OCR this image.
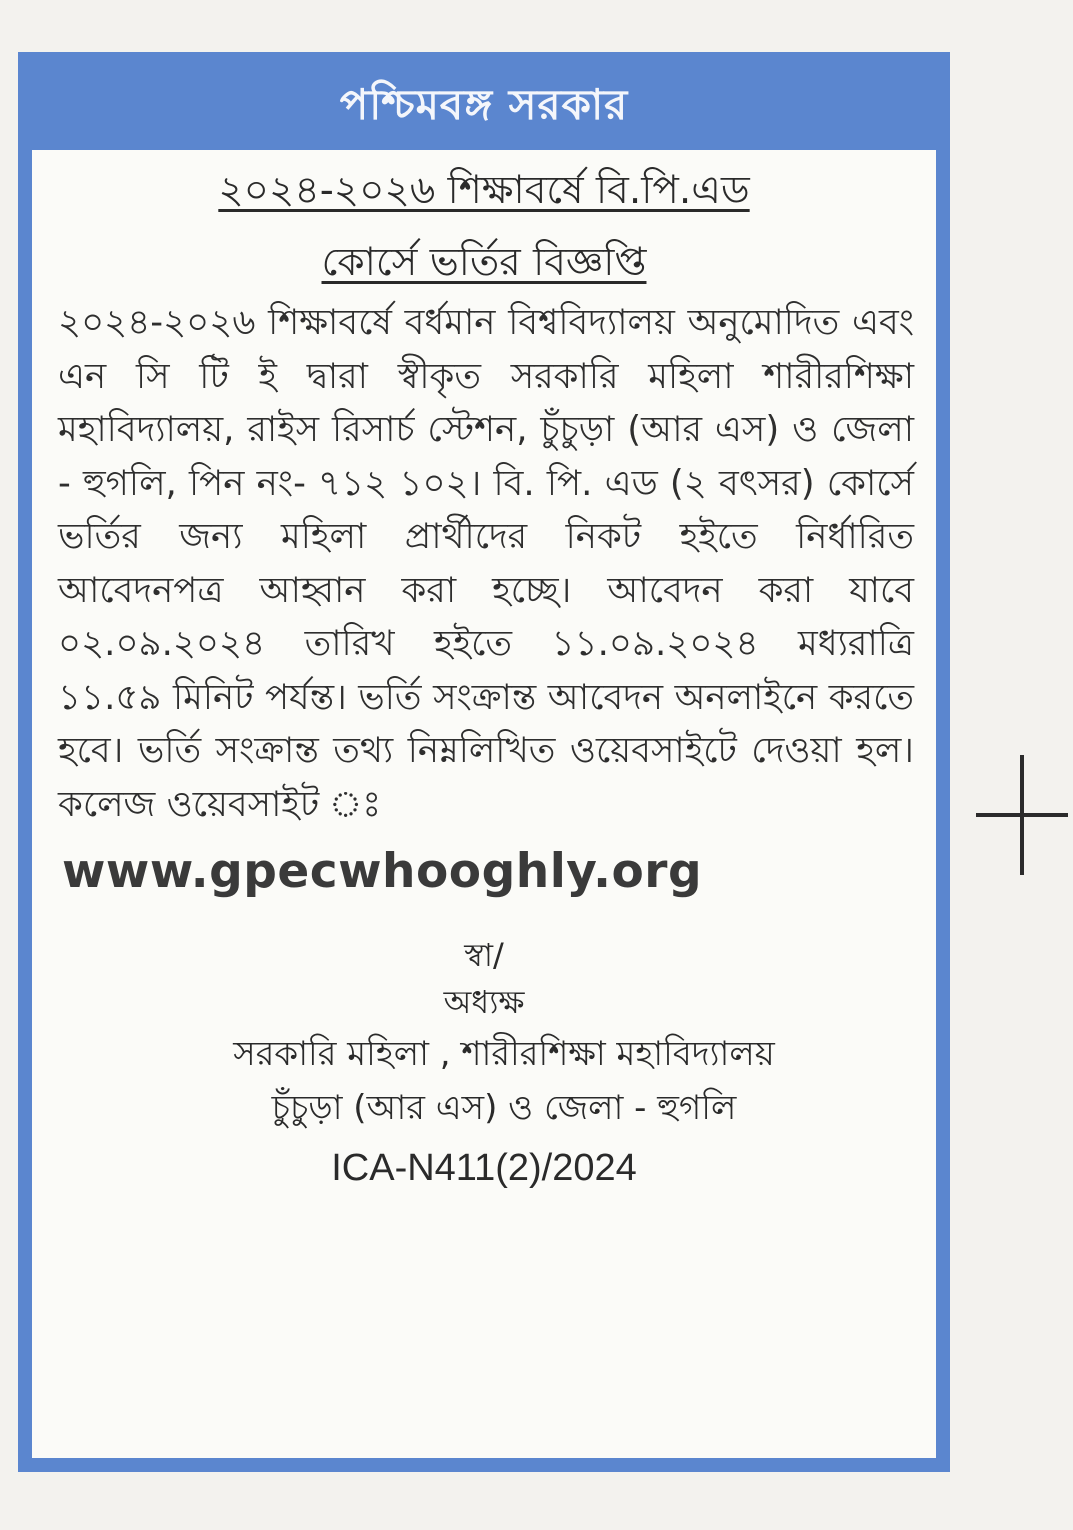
পশ্চিমবঙ্গ সরকার
২০২৪-২০২৬ শিক্ষাবর্ষে বি.পি.এড
কোর্সে ভর্তির বিজ্ঞপ্তি
২০২৪-২০২৬ শিক্ষাবর্ষে বর্ধমান বিশ্ববিদ্যালয় অনুমোদিত এবং এন সি টি ই দ্বারা স্বীকৃত সরকারি মহিলা শারীরশিক্ষা মহাবিদ্যালয়, রাইস রিসার্চ স্টেশন, চুঁচুড়া (আর এস) ও জেলা - হুগলি, পিন নং- ৭১২ ১০২। বি. পি. এড (২ বৎসর) কোর্সে ভর্তির জন্য মহিলা প্রার্থীদের নিকট হইতে নির্ধারিত আবেদনপত্র আহ্বান করা হচ্ছে। আবেদন করা যাবে ০২.০৯.২০২৪ তারিখ হইতে ১১.০৯.২০২৪ মধ্যরাত্রি ১১.৫৯ মিনিট পর্যন্ত। ভর্তি সংক্রান্ত আবেদন অনলাইনে করতে হবে। ভর্তি সংক্রান্ত তথ্য নিম্নলিখিত ওয়েবসাইটে দেওয়া হল। কলেজ ওয়েবসাইট ঃ
www.gpecwhooghly.org
স্বা/
অধ্যক্ষ
সরকারি মহিলা , শারীরশিক্ষা মহাবিদ্যালয়
চুঁচুড়া (আর এস) ও জেলা - হুগলি
ICA-N411(2)/2024
